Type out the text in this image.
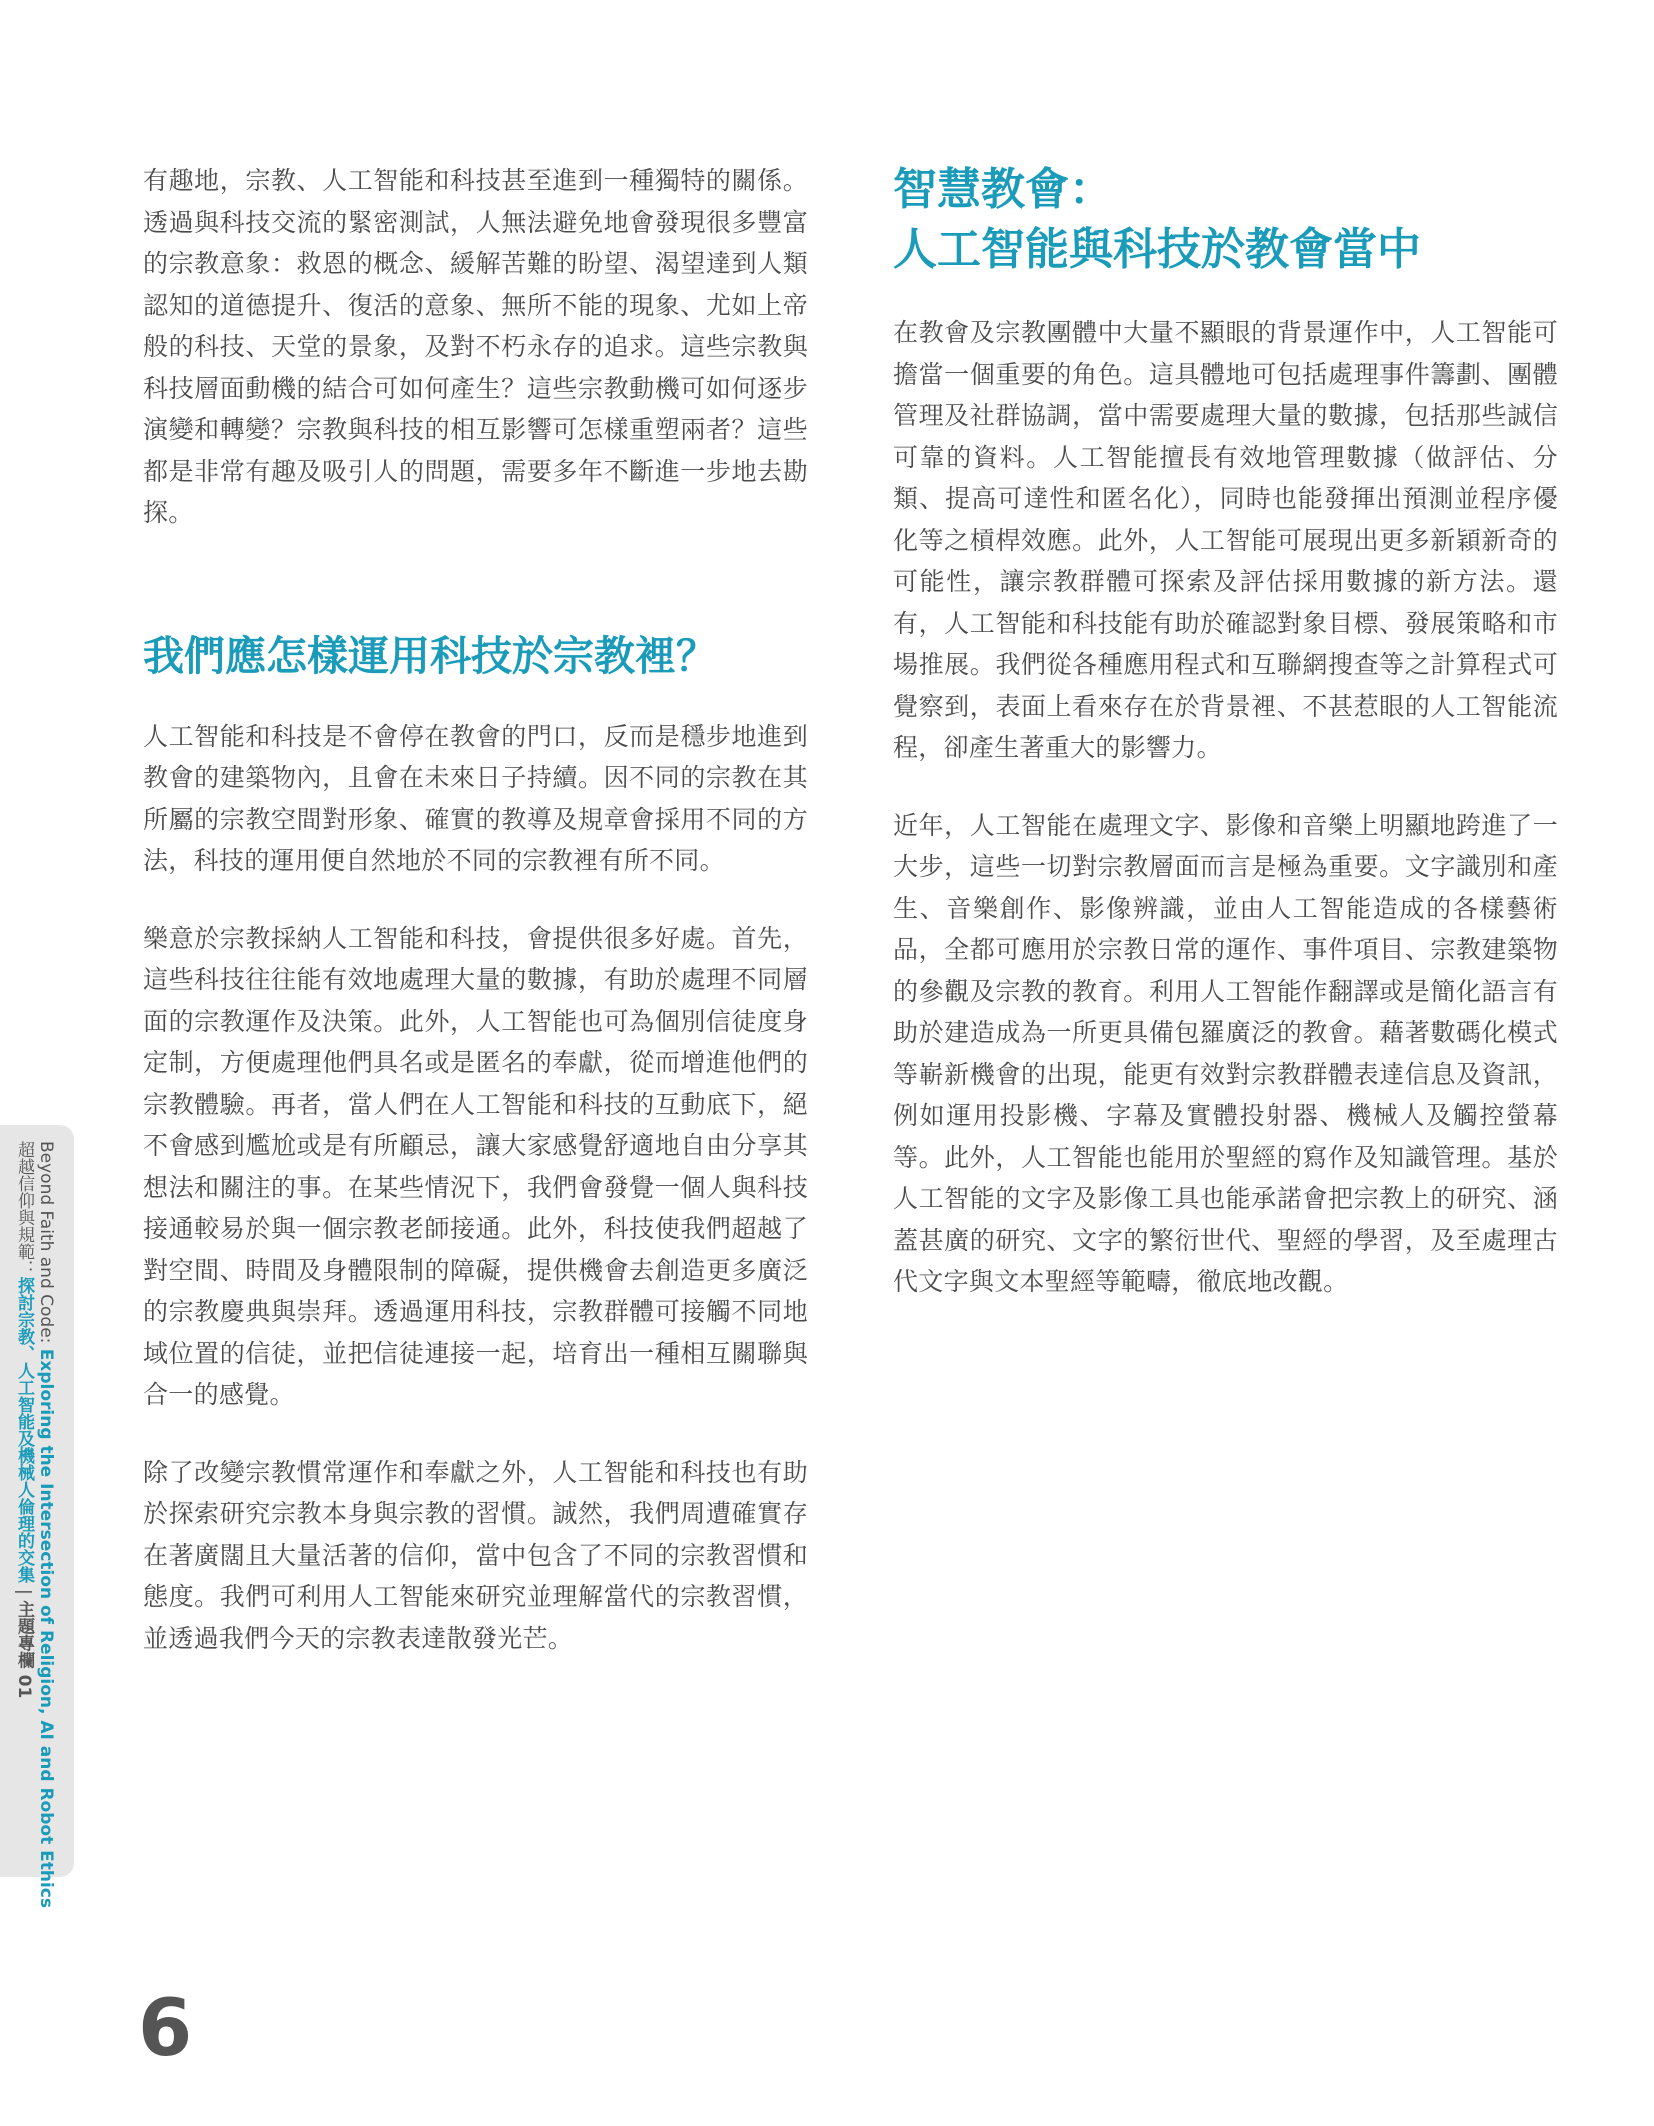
有趣地，宗教、人工智能和科技甚至進到一種獨特的關係。透過與科技交流的緊密測試，人無法避免地會發現很多豐富的宗教意象：救恩的概念、緩解苦難的盼望、渴望達到人類認知的道德提升、復活的意象、無所不能的現象、尤如上帝般的科技、天堂的景象，及對不朽永存的追求。這些宗教與科技層面動機的結合可如何產生？這些宗教動機可如何逐步演變和轉變？宗教與科技的相互影響可怎樣重塑兩者？這些都是非常有趣及吸引人的問題，需要多年不斷進一步地去勘探。

我們應怎樣運用科技於宗教裡？

人工智能和科技是不會停在教會的門口，反而是穩步地進到教會的建築物內，且會在未來日子持續。因不同的宗教在其所屬的宗教空間對形象、確實的教導及規章會採用不同的方法，科技的運用便自然地於不同的宗教裡有所不同。

樂意於宗教採納人工智能和科技，會提供很多好處。首先，這些科技往往能有效地處理大量的數據，有助於處理不同層面的宗教運作及決策。此外，人工智能也可為個別信徒度身定制，方便處理他們具名或是匿名的奉獻，從而增進他們的宗教體驗。再者，當人們在人工智能和科技的互動底下，絕不會感到尷尬或是有所顧忌，讓大家感覺舒適地自由分享其想法和關注的事。在某些情況下，我們會發覺一個人與科技接通較易於與一個宗教老師接通。此外，科技使我們超越了對空間、時間及身體限制的障礙，提供機會去創造更多廣泛的宗教慶典與崇拜。透過運用科技，宗教群體可接觸不同地域位置的信徒，並把信徒連接一起，培育出一種相互關聯與合一的感覺。

除了改變宗教慣常運作和奉獻之外，人工智能和科技也有助於探索研究宗教本身與宗教的習慣。誠然，我們周遭確實存在著廣闊且大量活著的信仰，當中包含了不同的宗教習慣和態度。我們可利用人工智能來研究並理解當代的宗教習慣，並透過我們今天的宗教表達散發光芒。

智慧教會：
人工智能與科技於教會當中

在教會及宗教團體中大量不顯眼的背景運作中，人工智能可擔當一個重要的角色。這具體地可包括處理事件籌劃、團體管理及社群協調，當中需要處理大量的數據，包括那些誠信可靠的資料。人工智能擅長有效地管理數據（做評估、分類、提高可達性和匿名化），同時也能發揮出預測並程序優化等之槓桿效應。此外，人工智能可展現出更多新穎新奇的可能性，讓宗教群體可探索及評估採用數據的新方法。還有，人工智能和科技能有助於確認對象目標、發展策略和市場推展。我們從各種應用程式和互聯網搜查等之計算程式可覺察到，表面上看來存在於背景裡、不甚惹眼的人工智能流程，卻產生著重大的影響力。

近年，人工智能在處理文字、影像和音樂上明顯地跨進了一大步，這些一切對宗教層面而言是極為重要。文字識別和產生、音樂創作、影像辨識，並由人工智能造成的各樣藝術品，全都可應用於宗教日常的運作、事件項目、宗教建築物的參觀及宗教的教育。利用人工智能作翻譯或是簡化語言有助於建造成為一所更具備包羅廣泛的教會。藉著數碼化模式等嶄新機會的出現，能更有效對宗教群體表達信息及資訊，例如運用投影機、字幕及實體投射器、機械人及觸控螢幕等。此外，人工智能也能用於聖經的寫作及知識管理。基於人工智能的文字及影像工具也能承諾會把宗教上的研究、涵蓋甚廣的研究、文字的繁衍世代、聖經的學習，及至處理古代文字與文本聖經等範疇，徹底地改觀。

Beyond Faith and Code: Exploring the Intersection of Religion, AI and Robot Ethics
超越信仰與規範：探討宗教、人工智能及機械人倫理的交集|主題專欄 01
6
